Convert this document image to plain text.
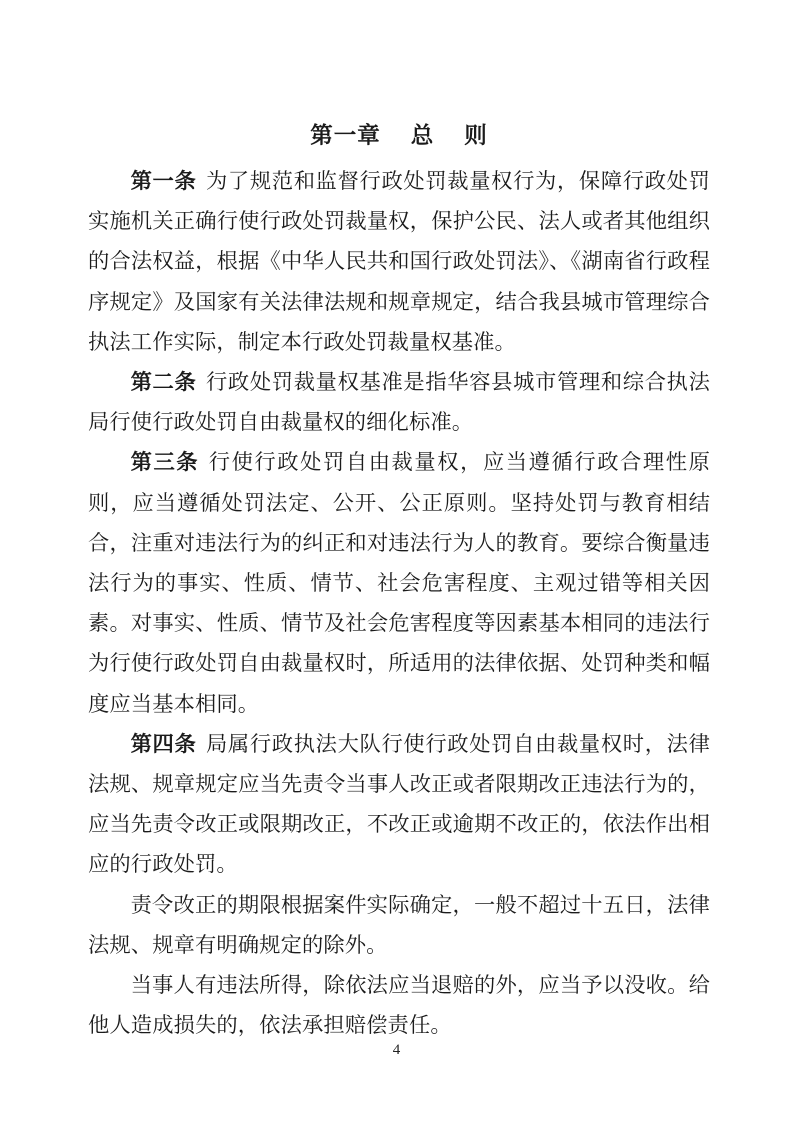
第一章 总 则

第一条 为了规范和监督行政处罚裁量权行为，保障行政处罚实施机关正确行使行政处罚裁量权，保护公民、法人或者其他组织的合法权益，根据《中华人民共和国行政处罚法》、《湖南省行政程序规定》及国家有关法律法规和规章规定，结合我县城市管理综合执法工作实际，制定本行政处罚裁量权基准。

第二条 行政处罚裁量权基准是指华容县城市管理和综合执法局行使行政处罚自由裁量权的细化标准。

第三条 行使行政处罚自由裁量权，应当遵循行政合理性原则，应当遵循处罚法定、公开、公正原则。坚持处罚与教育相结合，注重对违法行为的纠正和对违法行为人的教育。要综合衡量违法行为的事实、性质、情节、社会危害程度、主观过错等相关因素。对事实、性质、情节及社会危害程度等因素基本相同的违法行为行使行政处罚自由裁量权时，所适用的法律依据、处罚种类和幅度应当基本相同。

第四条 局属行政执法大队行使行政处罚自由裁量权时，法律法规、规章规定应当先责令当事人改正或者限期改正违法行为的，应当先责令改正或限期改正，不改正或逾期不改正的，依法作出相应的行政处罚。

责令改正的期限根据案件实际确定，一般不超过十五日，法律法规、规章有明确规定的除外。

当事人有违法所得，除依法应当退赔的外，应当予以没收。给他人造成损失的，依法承担赔偿责任。

4
